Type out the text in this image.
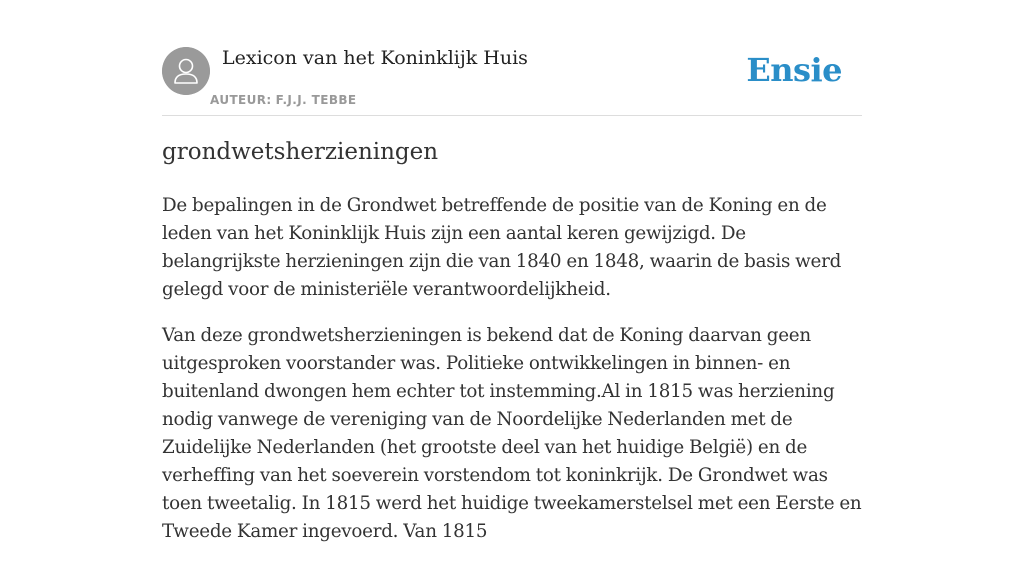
Lexicon van het Koninklijk Huis
AUTEUR: F.J.J. TEBBE
Ensie
grondwetsherzieningen

De bepalingen in de Grondwet betreffende de positie van de Koning en de leden van het Koninklijk Huis zijn een aantal keren gewijzigd. De belangrijkste herzieningen zijn die van 1840 en 1848, waarin de basis werd gelegd voor de ministeriële verantwoordelijkheid.

Van deze grondwetsherzieningen is bekend dat de Koning daarvan geen uitgesproken voorstander was. Politieke ontwikkelingen in binnen- en buitenland dwongen hem echter tot instemming.Al in 1815 was herziening nodig vanwege de vereniging van de Noordelijke Nederlanden met de Zuidelijke Nederlanden (het grootste deel van het huidige België) en de verheffing van het soeverein vorstendom tot koninkrijk. De Grondwet was toen tweetalig. In 1815 werd het huidige tweekamerstelsel met een Eerste en Tweede Kamer ingevoerd. Van 1815
